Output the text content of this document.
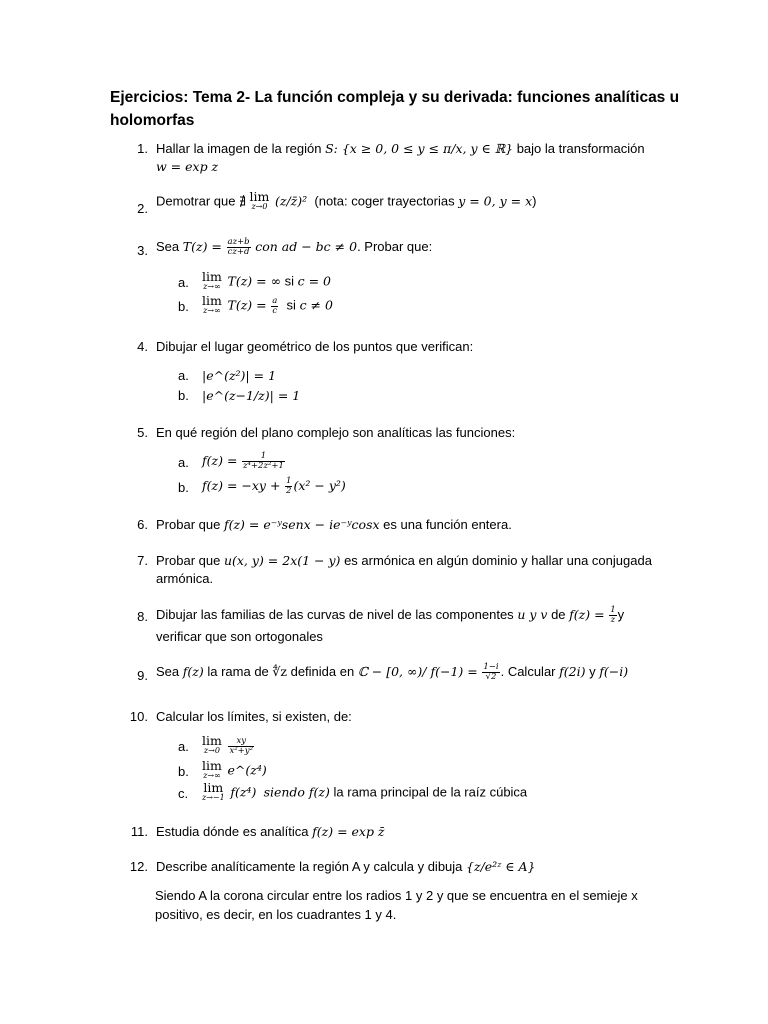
Ejercicios: Tema 2- La función compleja y su derivada: funciones analíticas u holomorfas
1. Hallar la imagen de la región S: {x ≥ 0, 0 ≤ y ≤ π/x, y ∈ ℝ} bajo la transformación
w = exp z
2.
Demotrar que ∄ lim
z→0 (z/z̄)² (nota: coger trayectorias y = 0, y = x)
3. Sea $T(z) = \frac{az+b}{cz+d}$ con ad − bc ≠ 0. Probar que:
a. lim
z→∞ T(z) = ∞ si c = 0
b. lim
z→∞ $T(z) = \frac{a}{c}$ si c ≠ 0
4. Dibujar el lugar geométrico de los puntos que verifican:
a. |e^(z²)| = 1
b. |e^(z−1/z)| = 1
5. En qué región del plano complejo son analíticas las funciones:
a. $f(z) = \frac{1}{\text{z⁴+2z²+1}}$
b. $f(z) = -xy + \frac{1}{2} (x^2 - y^2)$
6. Probar que f(z) = e⁻ʸsenx − ie⁻ʸcosx es una función entera.
7. Probar que u(x, y) = 2x(1 − y) es armónica en algún dominio y hallar una conjugada
armónica.
8. Dibujar las familias de las curvas de nivel de las componentes u y v de $f(z) = \frac{1}{z}$ y
verificar que son ortogonales
9. Sea f(z) la rama de ∜z definida en ℂ − [0, ∞)/ $f(-1) = \frac{1-i}{√2}$ . Calcular f(2i) y f(−i)
10. Calcular los límites, si existen, de:
a. lim
z→0
$\frac{xy}{\text{x²+y²}}$
b. lim
z→∞ e^(z⁴)
c. lim
z→−1 f(z⁴) siendo f(z) la rama principal de la raíz cúbica
11. Estudia dónde es analítica f(z) = exp z̄
12. Describe analíticamente la región A y calcula y dibuja {z/e²ᶻ ∈ A}
Siendo A la corona circular entre los radios 1 y 2 y que se encuentra en el semieje x positivo, es decir, en los cuadrantes 1 y 4.
